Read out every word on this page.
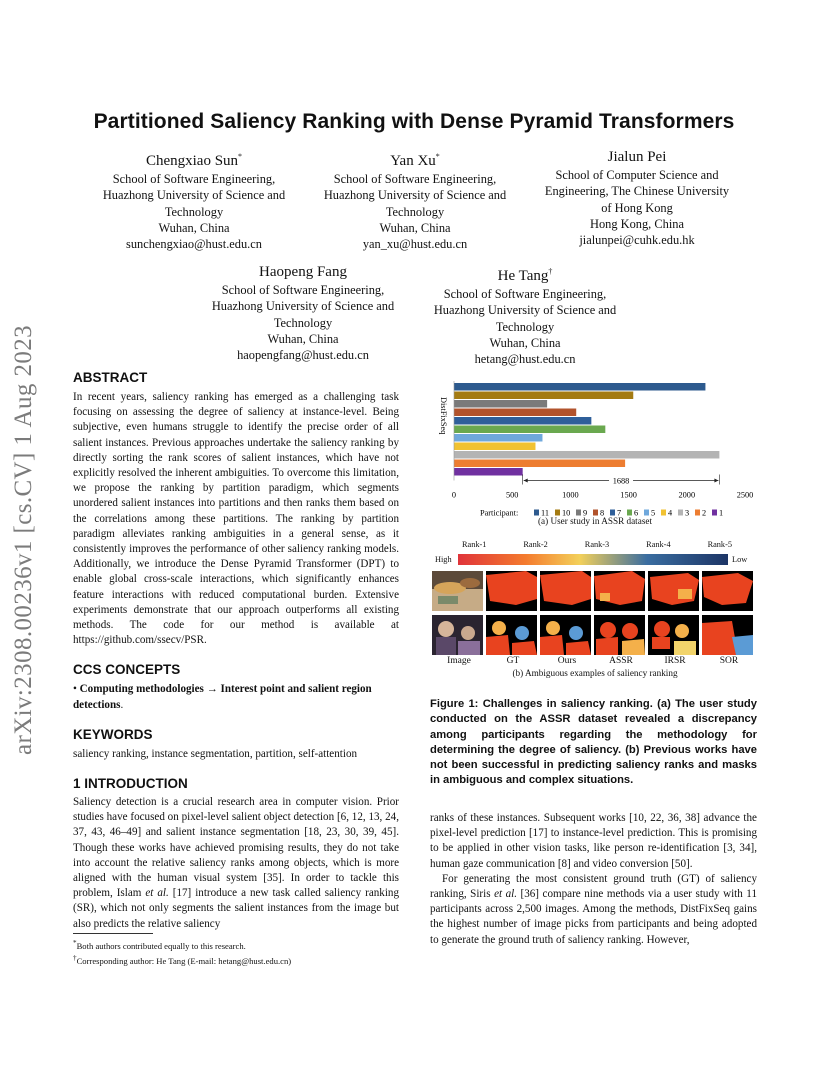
arXiv:2308.00236v1 [cs.CV] 1 Aug 2023
Partitioned Saliency Ranking with Dense Pyramid Transformers
Chengxiao Sun*
School of Software Engineering,
Huazhong University of Science and
Technology
Wuhan, China
sunchengxiao@hust.edu.cn
Yan Xu*
School of Software Engineering,
Huazhong University of Science and
Technology
Wuhan, China
yan_xu@hust.edu.cn
Jialun Pei
School of Computer Science and
Engineering, The Chinese University
of Hong Kong
Hong Kong, China
jialunpei@cuhk.edu.hk
Haopeng Fang
School of Software Engineering,
Huazhong University of Science and
Technology
Wuhan, China
haopengfang@hust.edu.cn
He Tang†
School of Software Engineering,
Huazhong University of Science and
Technology
Wuhan, China
hetang@hust.edu.cn
ABSTRACT
In recent years, saliency ranking has emerged as a challenging task focusing on assessing the degree of saliency at instance-level. Being subjective, even humans struggle to identify the precise order of all salient instances. Previous approaches undertake the saliency ranking by directly sorting the rank scores of salient instances, which have not explicitly resolved the inherent ambiguities. To overcome this limitation, we propose the ranking by partition paradigm, which segments unordered salient instances into partitions and then ranks them based on the correlations among these partitions. The ranking by partition paradigm alleviates ranking ambiguities in a general sense, as it consistently improves the performance of other saliency ranking models. Additionally, we introduce the Dense Pyramid Transformer (DPT) to enable global cross-scale interactions, which significantly enhances feature interactions with reduced computational burden. Extensive experiments demonstrate that our approach outperforms all existing methods. The code for our method is available at https://github.com/ssecv/PSR.
CCS CONCEPTS
• Computing methodologies → Interest point and salient region detections.
KEYWORDS
saliency ranking, instance segmentation, partition, self-attention
1 INTRODUCTION
Saliency detection is a crucial research area in computer vision. Prior studies have focused on pixel-level salient object detection [6, 12, 13, 24, 37, 43, 46–49] and salient instance segmentation [18, 23, 30, 39, 45]. Though these works have achieved promising results, they do not take into account the relative saliency ranks among objects, which is more aligned with the human visual system [35]. In order to tackle this problem, Islam et al. [17] introduce a new task called saliency ranking (SR), which not only segments the salient instances from the image but also predicts the relative saliency
*Both authors contributed equally to this research.
†Corresponding author: He Tang (E-mail: hetang@hust.edu.cn)
DistFixSeq
1688
0	500	1000	1500	2000	2500
Participant:	11 10 9 8 7 6 5 4 3 2 1
(a) User study in ASSR dataset
Rank-1	Rank-2	Rank-3	Rank-4	Rank-5
High	Low
Image	GT	Ours	ASSR	IRSR	SOR
(b) Ambiguous examples of saliency ranking
Figure 1: Challenges in saliency ranking. (a) The user study conducted on the ASSR dataset revealed a discrepancy among participants regarding the methodology for determining the degree of saliency. (b) Previous works have not been successful in predicting saliency ranks and masks in ambiguous and complex situations.
ranks of these instances. Subsequent works [10, 22, 36, 38] advance the pixel-level prediction [17] to instance-level prediction. This is promising to be applied in other vision tasks, like person re-identification [3, 34], human gaze communication [8] and video conversion [50].
For generating the most consistent ground truth (GT) of saliency ranking, Siris et al. [36] compare nine methods via a user study with 11 participants across 2,500 images. Among the methods, DistFixSeq gains the highest number of image picks from participants and being adopted to generate the ground truth of saliency ranking. However,
